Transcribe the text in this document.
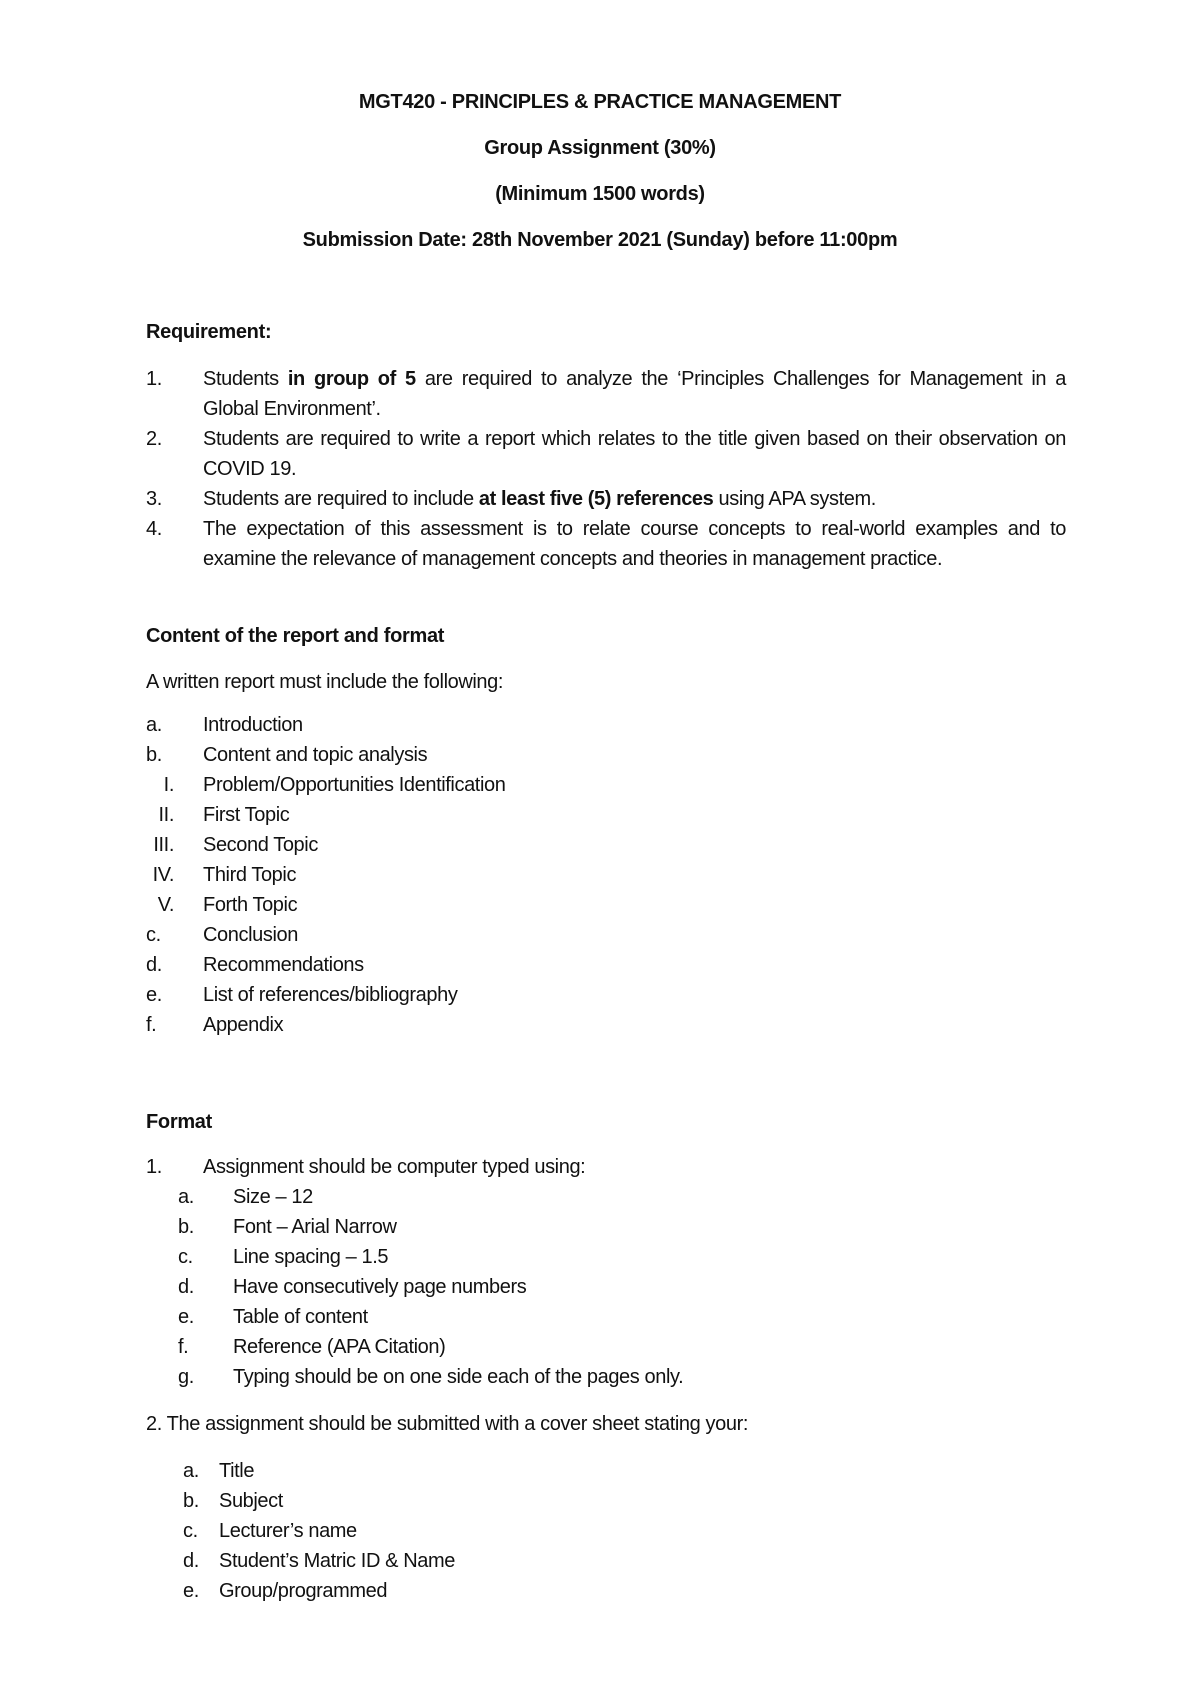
MGT420 - PRINCIPLES & PRACTICE MANAGEMENT
Group Assignment (30%)
(Minimum 1500 words)
Submission Date: 28th November 2021 (Sunday) before 11:00pm
Requirement:
1.	Students in group of 5 are required to analyze the ‘Principles Challenges for Management in a Global Environment’.
2.	Students are required to write a report which relates to the title given based on their observation on COVID 19.
3.	Students are required to include at least five (5) references using APA system.
4.	The expectation of this assessment is to relate course concepts to real-world examples and to examine the relevance of management concepts and theories in management practice.
Content of the report and format
A written report must include the following:
a.	Introduction
b.	Content and topic analysis
I. Problem/Opportunities Identification
II. First Topic
III. Second Topic
IV. Third Topic
V. Forth Topic
c.	Conclusion
d.	Recommendations
e.	List of references/bibliography
f.	Appendix
Format
1.	Assignment should be computer typed using:
a.	Size – 12
b.	Font – Arial Narrow
c.	Line spacing – 1.5
d.	Have consecutively page numbers
e.	Table of content
f.	Reference (APA Citation)
g.	Typing should be on one side each of the pages only.
2. The assignment should be submitted with a cover sheet stating your:
a.	Title
b.	Subject
c.	Lecturer’s name
d.	Student’s Matric ID & Name
e.	Group/programmed
